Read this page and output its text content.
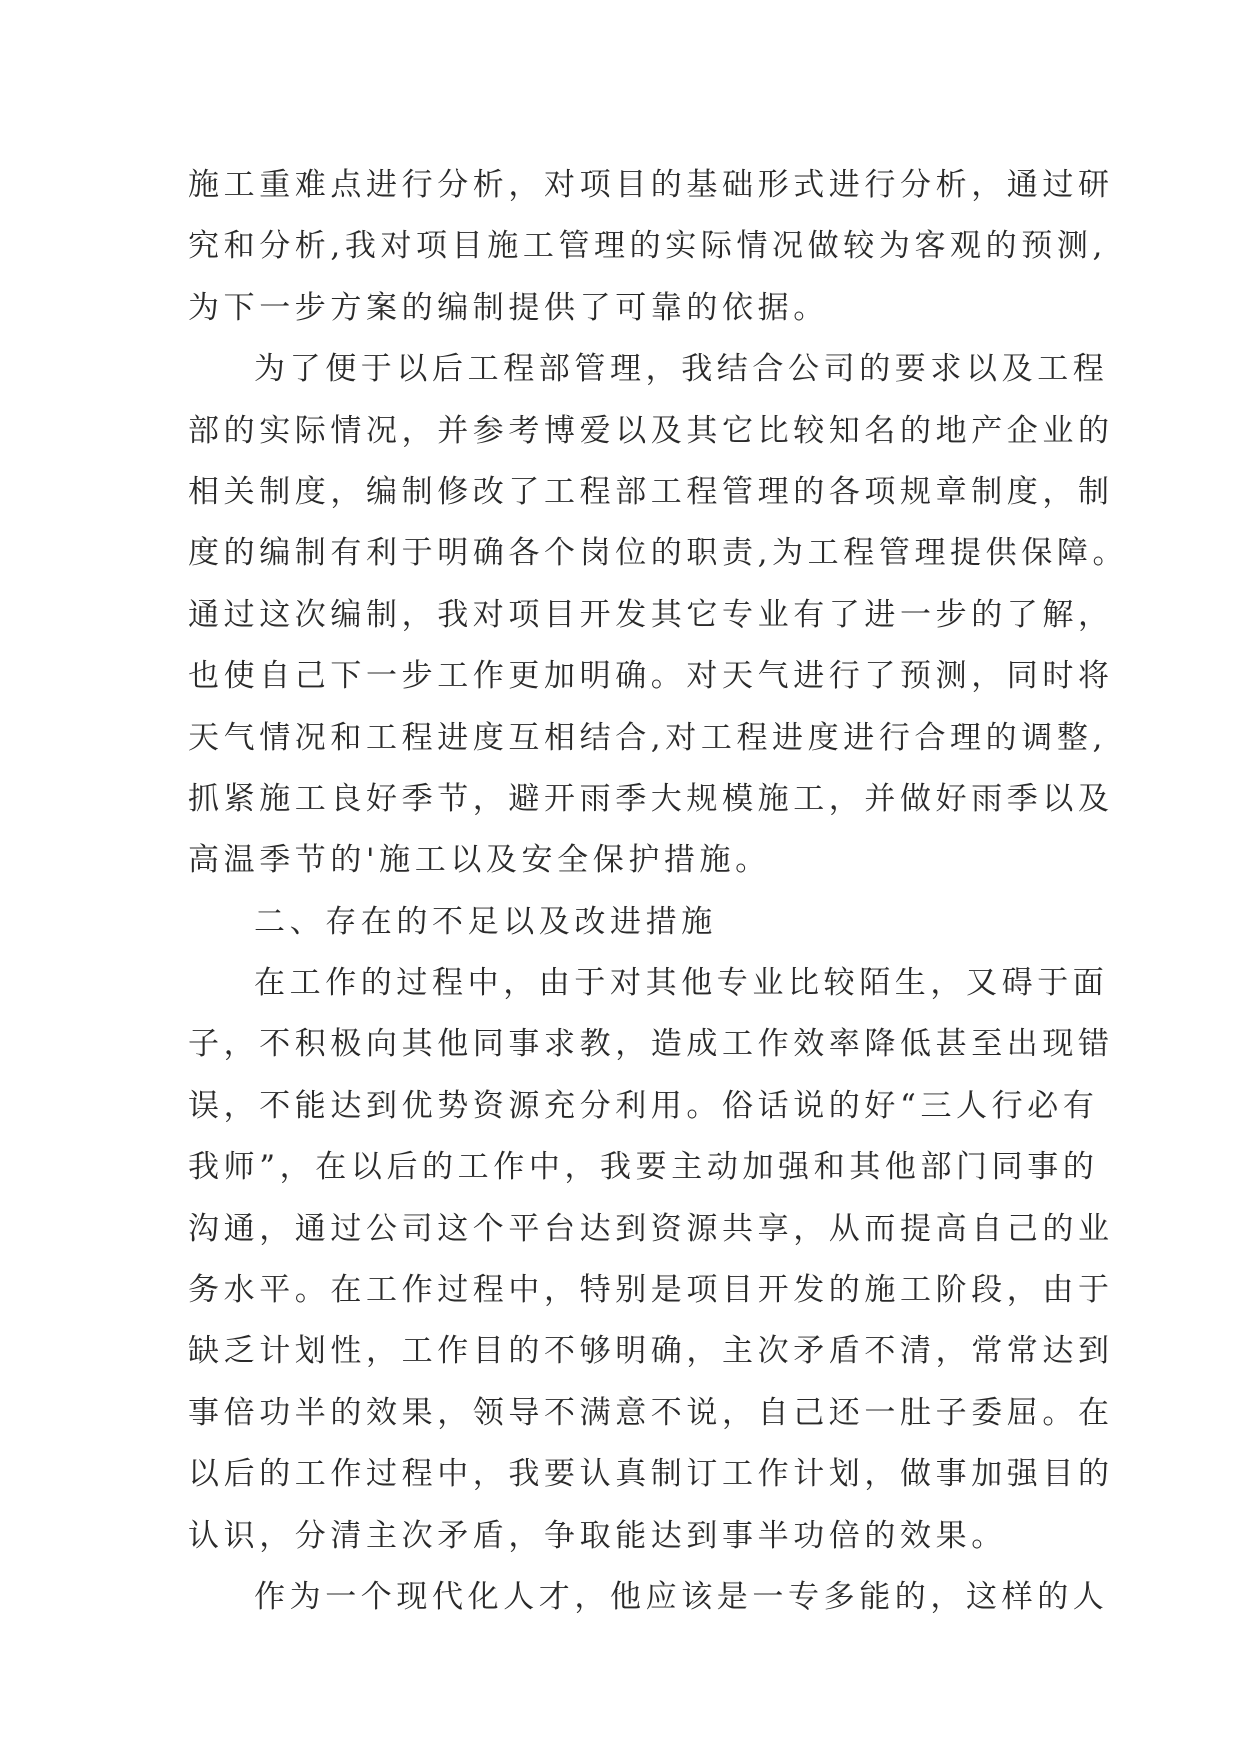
施工重难点进行分析，对项目的基础形式进行分析，通过研
究和分析,我对项目施工管理的实际情况做较为客观的预测,
为下一步方案的编制提供了可靠的依据。
为了便于以后工程部管理，我结合公司的要求以及工程
部的实际情况，并参考博爱以及其它比较知名的地产企业的
相关制度，编制修改了工程部工程管理的各项规章制度，制
度的编制有利于明确各个岗位的职责,为工程管理提供保障。
通过这次编制，我对项目开发其它专业有了进一步的了解，
也使自己下一步工作更加明确。对天气进行了预测，同时将
天气情况和工程进度互相结合,对工程进度进行合理的调整,
抓紧施工良好季节，避开雨季大规模施工，并做好雨季以及
高温季节的'施工以及安全保护措施。
二、存在的不足以及改进措施
在工作的过程中，由于对其他专业比较陌生，又碍于面
子，不积极向其他同事求教，造成工作效率降低甚至出现错
误，不能达到优势资源充分利用。俗话说的好“三人行必有
我师”，在以后的工作中，我要主动加强和其他部门同事的
沟通，通过公司这个平台达到资源共享，从而提高自己的业
务水平。在工作过程中，特别是项目开发的施工阶段，由于
缺乏计划性，工作目的不够明确，主次矛盾不清，常常达到
事倍功半的效果，领导不满意不说，自己还一肚子委屈。在
以后的工作过程中，我要认真制订工作计划，做事加强目的
认识，分清主次矛盾，争取能达到事半功倍的效果。
作为一个现代化人才，他应该是一专多能的，这样的人
